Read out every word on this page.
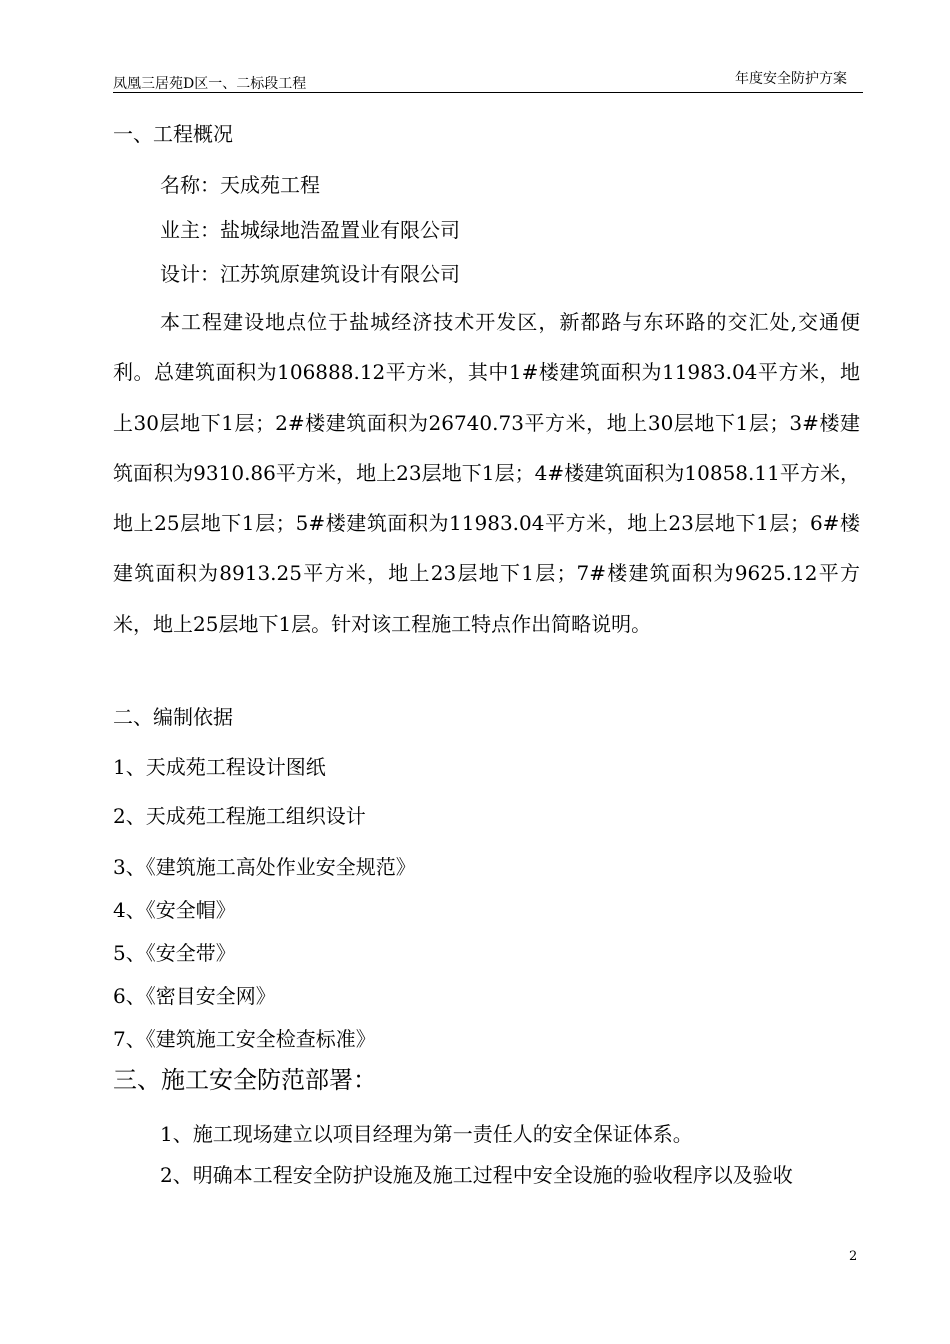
凤凰三居苑D区一、二标段工程	年度安全防护方案
一、工程概况
名称：天成苑工程
业主：盐城绿地浩盈置业有限公司
设计：江苏筑原建筑设计有限公司

本工程建设地点位于盐城经济技术开发区，新都路与东环路的交汇处,交通便利。总建筑面积为106888.12平方米，其中1#楼建筑面积为11983.04平方米，地上30层地下1层；2#楼建筑面积为26740.73平方米，地上30层地下1层；3#楼建筑面积为9310.86平方米，地上23层地下1层；4#楼建筑面积为10858.11平方米，地上25层地下1层；5#楼建筑面积为11983.04平方米，地上23层地下1层；6#楼建筑面积为8913.25平方米，地上23层地下1层；7#楼建筑面积为9625.12平方米，地上25层地下1层。针对该工程施工特点作出简略说明。

二、编制依据
1、天成苑工程设计图纸
2、天成苑工程施工组织设计
3、《建筑施工高处作业安全规范》
4、《安全帽》
5、《安全带》
6、《密目安全网》
7、《建筑施工安全检查标准》
三、施工安全防范部署：
1、施工现场建立以项目经理为第一责任人的安全保证体系。
2、明确本工程安全防护设施及施工过程中安全设施的验收程序以及验收
2
